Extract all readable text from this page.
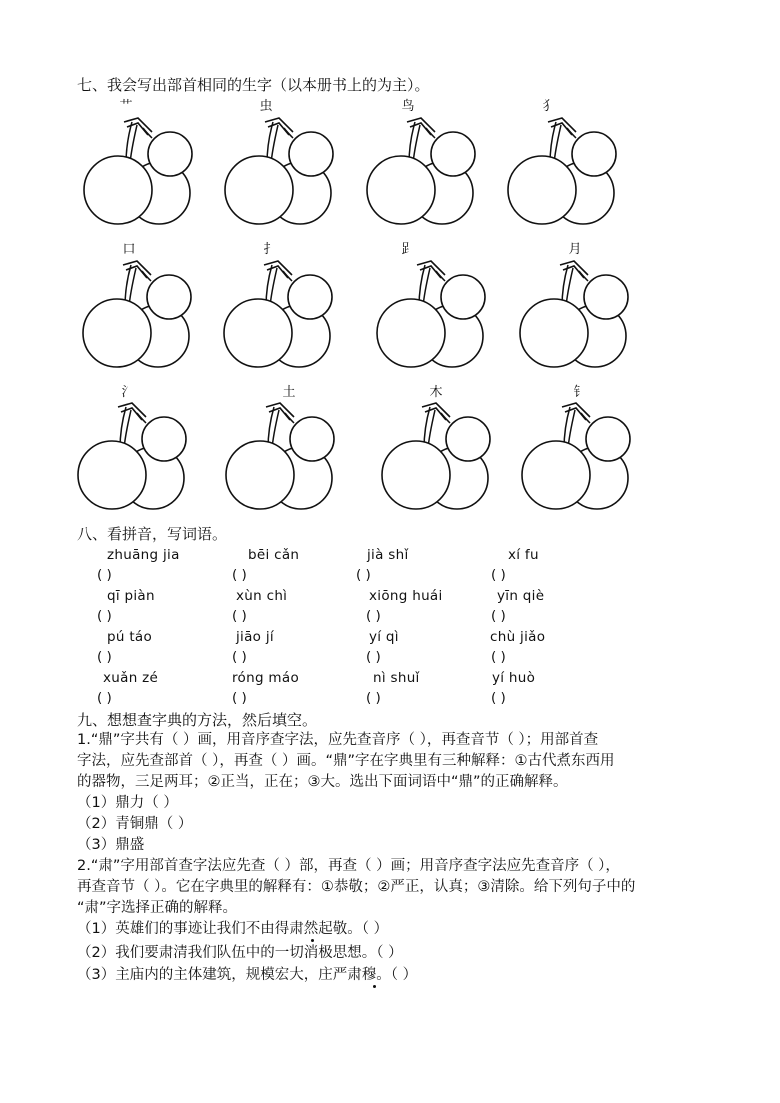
七、我会写出部首相同的生字（以本册书上的为主）。
艹	虫	鸟	犭
口	扌	𧾷	月
氵	土	木	钅
八、看拼音，写词语。
zhuāng jia	bēi cǎn	jià shǐ	xí fu
( )	( )	( )	( )
qī piàn	xùn chì	xiōng huái	yīn qiè
( )	( )	( )	( )
pú táo	jiāo jí	yí qì	chù jiǎo
( )	( )	( )	( )
xuǎn zé	róng máo	nì shuǐ	yí huò
( )	( )	( )	( )
九、想想查字典的方法，然后填空。
1.“鼎”字共有（ ）画，用音序查字法，应先查音序（ ），再查音节（ ）；用部首查
字法，应先查部首（ ），再查（ ）画。“鼎”字在字典里有三种解释：①古代煮东西用
的器物，三足两耳；②正当，正在；③大。选出下面词语中“鼎”的正确解释。
（1）鼎力（ ）
（2）青铜鼎（ ）
（3）鼎盛
2.“肃”字用部首查字法应先查（ ）部，再查（ ）画；用音序查字法应先查音序（ ），
再查音节（ ）。它在字典里的解释有：①恭敬；②严正，认真；③清除。给下列句子中的
“肃”字选择正确的解释。
（1）英雄们的事迹让我们不由得肃然起敬。（ ）
（2）我们要肃清我们队伍中的一切消极思想。（ ）
（3）主庙内的主体建筑，规模宏大，庄严肃穆。（ ）
